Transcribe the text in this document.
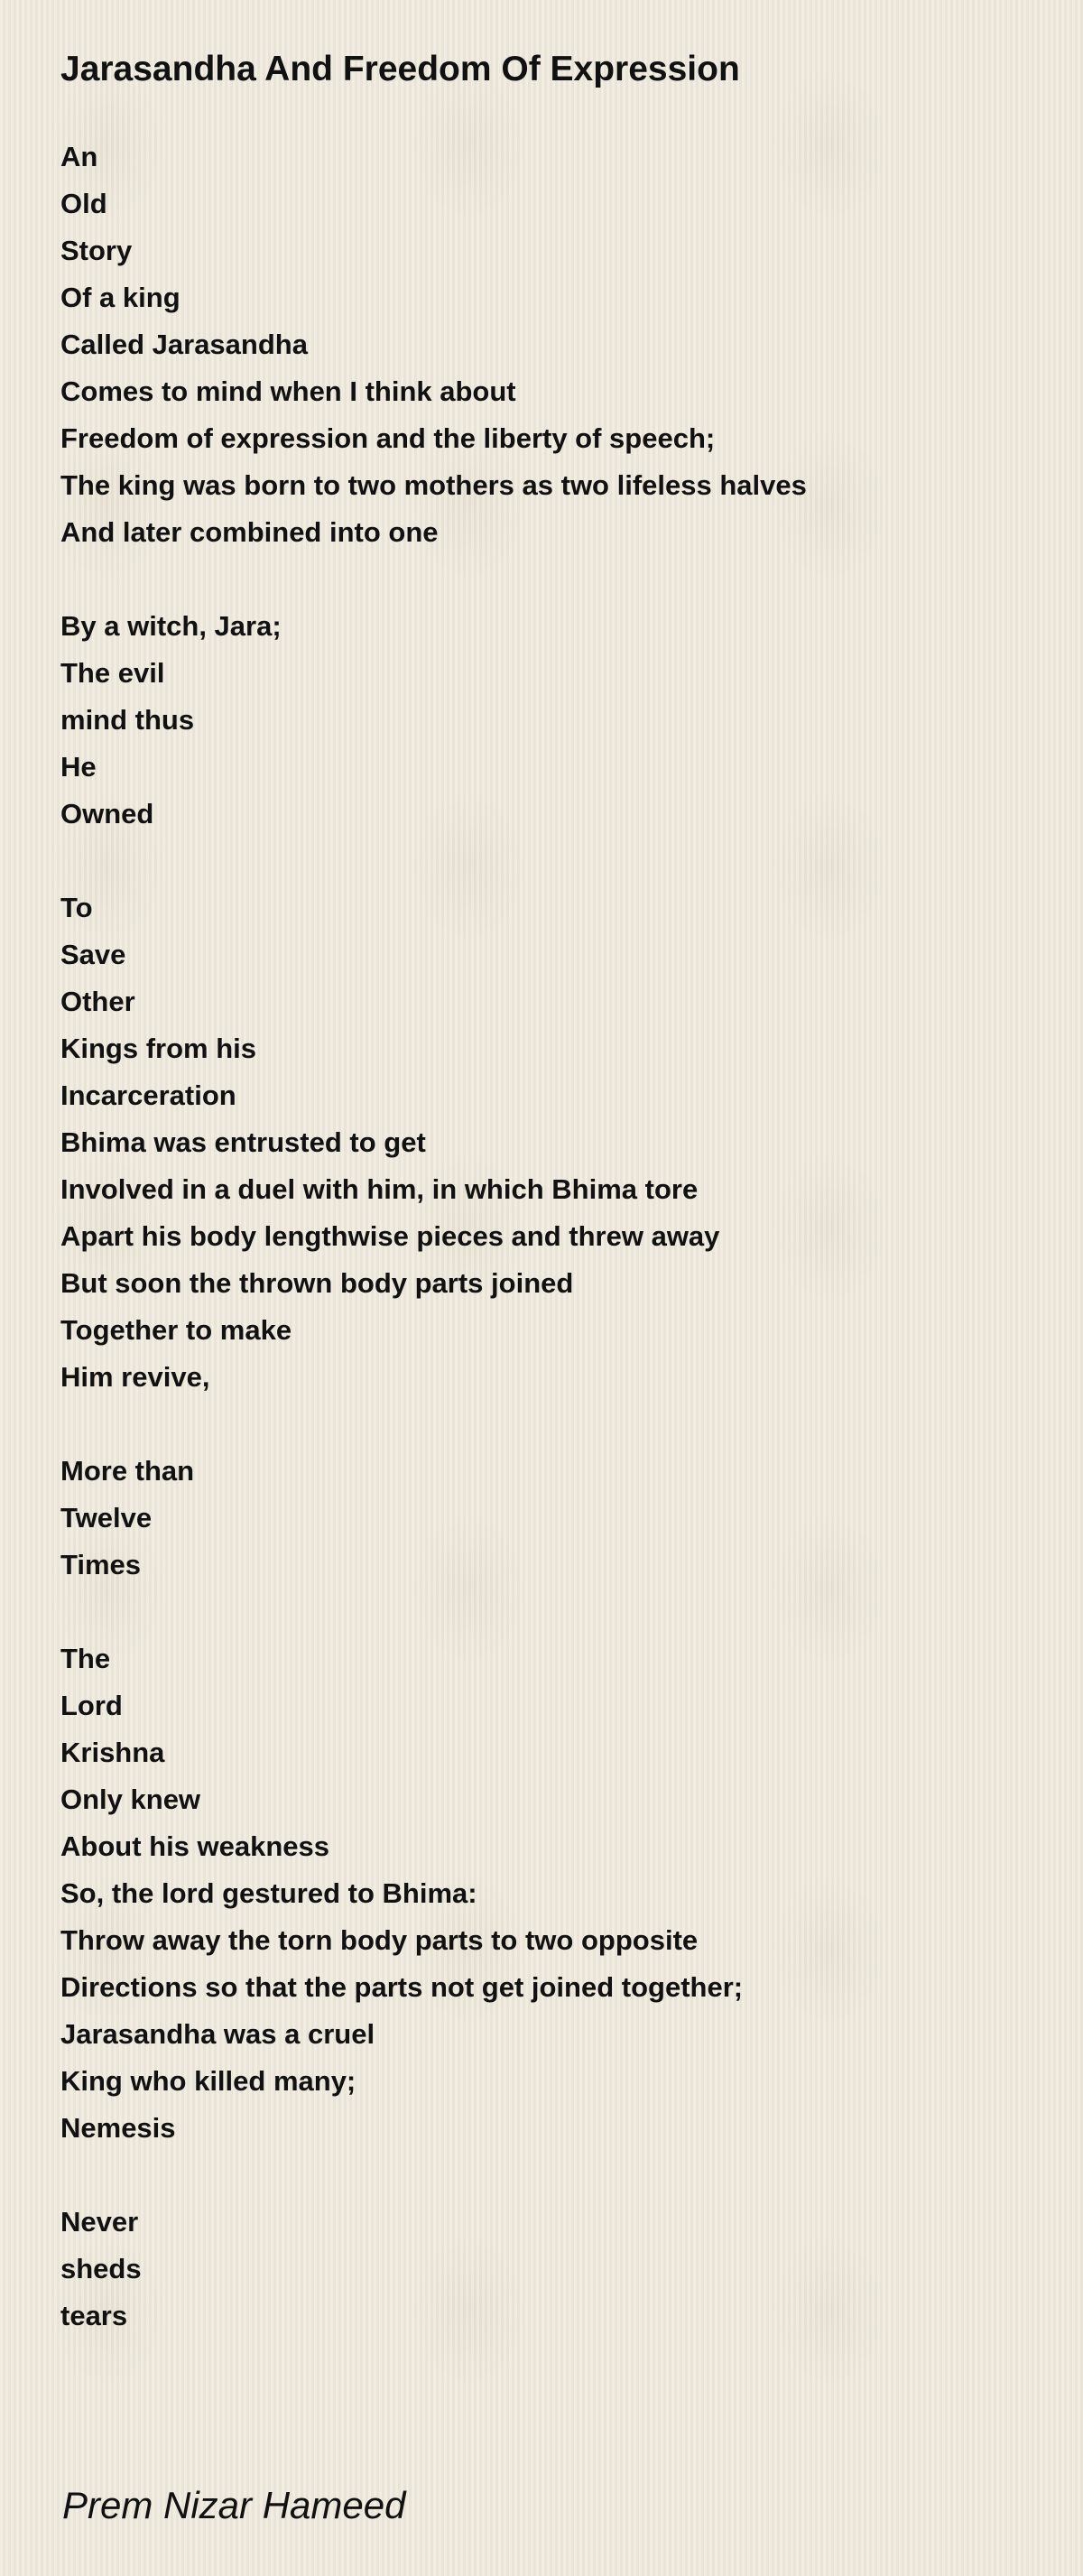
Jarasandha And Freedom Of Expression
An
Old
Story
Of a king
Called Jarasandha
Comes to mind when I think about
Freedom of expression and the liberty of speech;
The king was born to two mothers as two lifeless halves
And later combined into one
By a witch, Jara;
The evil
mind thus
He
Owned
To
Save
Other
Kings from his
Incarceration
Bhima was entrusted to get
Involved in a duel with him, in which Bhima tore
Apart his body lengthwise pieces and threw away
But soon the thrown body parts joined
Together to make
Him revive,
More than
Twelve
Times
The
Lord
Krishna
Only knew
About his weakness
So, the lord gestured to Bhima:
Throw away the torn body parts to two opposite
Directions so that the parts not get joined together;
Jarasandha was a cruel
King who killed many;
Nemesis
Never
sheds
tears

Prem Nizar Hameed
